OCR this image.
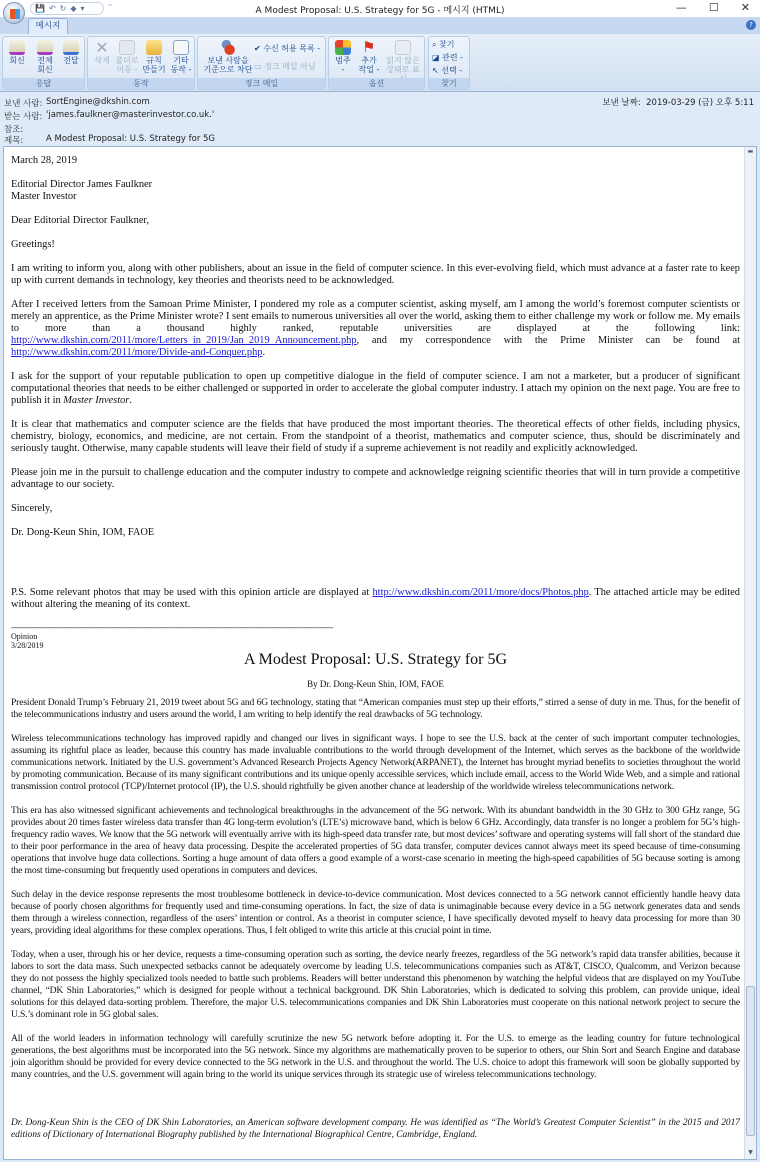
💾 ↶ ↻ ◆ ▾	⁼	A Modest Proposal: U.S. Strategy for 5G - 메시지 (HTML)	— ☐ ✕
메시지	?
회신	전체
회신
전달
응답
✕
삭제 폴더로
이동 -
규칙
만들기
기타
동작 -
동작
보낸 사람을
기준으로 차단
✔ 수신 허용 목록 -
▭ 정크 메일 아님
정크 메일
범주
-
⚑
추가
작업 -
읽지 않은
상태로 표
옵션
⌕ 찾기
◪ 관련 -
↖ 선택 -
찾기
보낸 사람: SortEngine@dkshin.com
받는 사람: 'james.faulkner@masterinvestor.co.uk.'
참조:
제목:	A Modest Proposal: U.S. Strategy for 5G
보낸 날짜: 2019-03-29 (금) 오후 5:11

March 28, 2019

Editorial Director James Faulkner
Master Investor

Dear Editorial Director Faulkner,

Greetings!

I am writing to inform you, along with other publishers, about an issue in the field of computer science. In this ever-evolving field, which must advance at a faster rate to keep up with current demands in technology, key theories and theorists need to be acknowledged.

After I received letters from the Samoan Prime Minister, I pondered my role as a computer scientist, asking myself, am I among the world’s foremost computer scientists or merely an apprentice, as the Prime Minister wrote? I sent emails to numerous universities all over the world, asking them to either challenge my work or follow me. My emails to more than a thousand highly ranked, reputable universities are displayed at the following link: http://www.dkshin.com/2011/more/Letters_in_2019/Jan_2019_Announcement.php, and my correspondence with the Prime Minister can be found at http://www.dkshin.com/2011/more/Divide-and-Conquer.php.

I ask for the support of your reputable publication to open up competitive dialogue in the field of computer science. I am not a marketer, but a producer of significant computational theories that needs to be either challenged or supported in order to accelerate the global computer industry. I attach my opinion on the next page. You are free to publish it in Master Investor.

It is clear that mathematics and computer science are the fields that have produced the most important theories. The theoretical effects of other fields, including physics, chemistry, biology, economics, and medicine, are not certain. From the standpoint of a theorist, mathematics and computer science, thus, should be discriminately and seriously taught. Otherwise, many capable students will leave their field of study if a supreme achievement is not readily and explicitly acknowledged.

Please join me in the pursuit to challenge education and the computer industry to compete and acknowledge reigning scientific theories that will in turn provide a competitive advantage to our society.

Sincerely,

Dr. Dong-Keun Shin, IOM, FAOE

P.S. Some relevant photos that may be used with this opinion article are displayed at http://www.dkshin.com/2011/more/docs/Photos.php. The attached article may be edited without altering the meaning of its context.

------------------------------------------------------------------------------------------------------------------------------------------------------------
Opinion
3/28/2019
A Modest Proposal: U.S. Strategy for 5G
By Dr. Dong-Keun Shin, IOM, FAOE

President Donald Trump’s February 21, 2019 tweet about 5G and 6G technology, stating that “American companies must step up their efforts,” stirred a sense of duty in me. Thus, for the benefit of the telecommunications industry and users around the world, I am writing to help identify the real drawbacks of 5G technology.

Wireless telecommunications technology has improved rapidly and changed our lives in significant ways. I hope to see the U.S. back at the center of such important computer technologies, assuming its rightful place as leader, because this country has made invaluable contributions to the world through development of the Internet, which serves as the backbone of the worldwide communications network. Initiated by the U.S. government’s Advanced Research Projects Agency Network(ARPANET), the Internet has brought myriad benefits to societies throughout the world by promoting communication. Because of its many significant contributions and its unique openly accessible services, which include email, access to the World Wide Web, and a simple and rational transmission control protocol (TCP)/Internet protocol (IP), the U.S. should rightfully be given another chance at leadership of the worldwide wireless telecommunications network.

This era has also witnessed significant achievements and technological breakthroughs in the advancement of the 5G network. With its abundant bandwidth in the 30 GHz to 300 GHz range, 5G provides about 20 times faster wireless data transfer than 4G long-term evolution’s (LTE’s) microwave band, which is below 6 GHz. Accordingly, data transfer is no longer a problem for 5G’s high-frequency radio waves. We know that the 5G network will eventually arrive with its high-speed data transfer rate, but most devices’ software and operating systems will fall short of the standard due to their poor performance in the area of heavy data processing. Despite the accelerated properties of 5G data transfer, computer devices cannot always meet its speed because of time-consuming operations that involve huge data collections. Sorting a huge amount of data offers a good example of a worst-case scenario in meeting the high-speed capabilities of 5G because sorting is among the most time-consuming but frequently used operations in computers and devices.

Such delay in the device response represents the most troublesome bottleneck in device-to-device communication. Most devices connected to a 5G network cannot efficiently handle heavy data because of poorly chosen algorithms for frequently used and time-consuming operations. In fact, the size of data is unimaginable because every device in a 5G network generates data and sends them through a wireless connection, regardless of the users’ intention or control. As a theorist in computer science, I have specifically devoted myself to heavy data processing for more than 30 years, providing ideal algorithms for these complex operations. Thus, I felt obliged to write this article at this crucial point in time.

Today, when a user, through his or her device, requests a time-consuming operation such as sorting, the device nearly freezes, regardless of the 5G network’s rapid data transfer abilities, because it labors to sort the data mass. Such unexpected setbacks cannot be adequately overcome by leading U.S. telecommunications companies such as AT&T, CISCO, Qualcomm, and Verizon because they do not possess the highly specialized tools needed to battle such problems. Readers will better understand this phenomenon by watching the helpful videos that are displayed on my YouTube channel, “DK Shin Laboratories,” which is designed for people without a technical background. DK Shin Laboratories, which is dedicated to solving this problem, can provide unique, ideal solutions for this delayed data-sorting problem. Therefore, the major U.S. telecommunications companies and DK Shin Laboratories must cooperate on this national network project to secure the U.S.’s dominant role in 5G global sales.

All of the world leaders in information technology will carefully scrutinize the new 5G network before adopting it. For the U.S. to emerge as the leading country for future technological generations, the best algorithms must be incorporated into the 5G network. Since my algorithms are mathematically proven to be superior to others, our Shin Sort and Search Engine and database join algorithm should be provided for every device connected to the 5G network in the U.S. and throughout the world. The U.S. choice to adopt this framework will soon be globally supported by many countries, and the U.S. government will again bring to the world its unique services through its strategic use of wireless telecommunications technology.

Dr. Dong-Keun Shin is the CEO of DK Shin Laboratories, an American software development company. He was identified as “The World’s Greatest Computer Scientist” in the 2015 and 2017 editions of Dictionary of International Biography published by the International Biographical Centre, Cambridge, England.
▬
▼
